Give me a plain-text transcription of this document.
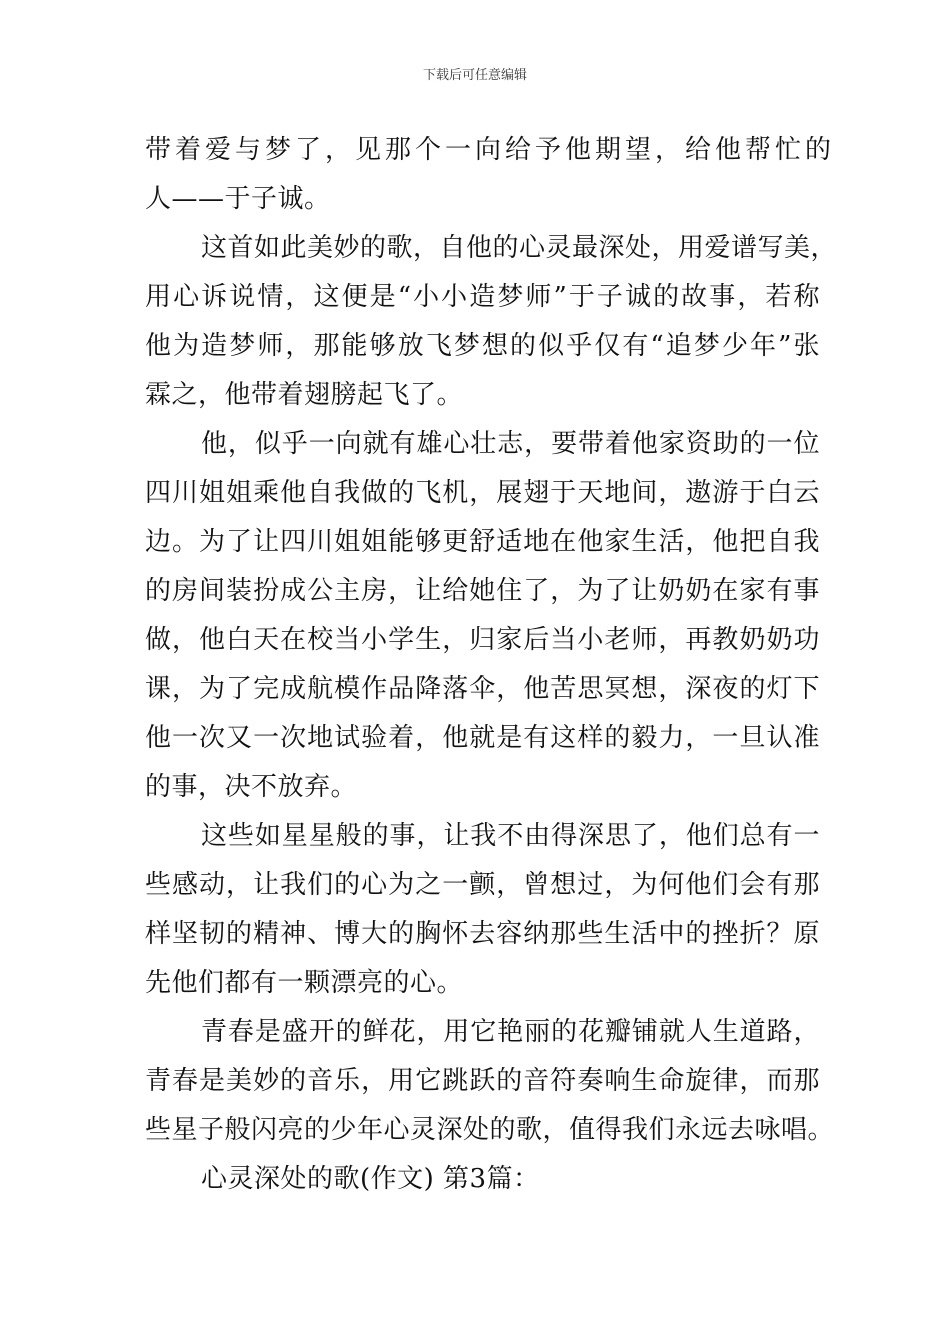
下载后可任意编辑
带着爱与梦了，见那个一向给予他期望，给他帮忙的
人——于子诚。
这首如此美妙的歌，自他的心灵最深处，用爱谱写美，
用心诉说情，这便是“小小造梦师”于子诚的故事，若称
他为造梦师，那能够放飞梦想的似乎仅有“追梦少年”张
霖之，他带着翅膀起飞了。
他，似乎一向就有雄心壮志，要带着他家资助的一位
四川姐姐乘他自我做的飞机，展翅于天地间，遨游于白云
边。为了让四川姐姐能够更舒适地在他家生活，他把自我
的房间装扮成公主房，让给她住了，为了让奶奶在家有事
做，他白天在校当小学生，归家后当小老师，再教奶奶功
课，为了完成航模作品降落伞，他苦思冥想，深夜的灯下
他一次又一次地试验着，他就是有这样的毅力，一旦认准
的事，决不放弃。
这些如星星般的事，让我不由得深思了，他们总有一
些感动，让我们的心为之一颤，曾想过，为何他们会有那
样坚韧的精神、博大的胸怀去容纳那些生活中的挫折？原
先他们都有一颗漂亮的心。
青春是盛开的鲜花，用它艳丽的花瓣铺就人生道路，
青春是美妙的音乐，用它跳跃的音符奏响生命旋律，而那
些星子般闪亮的少年心灵深处的歌，值得我们永远去咏唱。
心灵深处的歌(作文) 第3篇：
